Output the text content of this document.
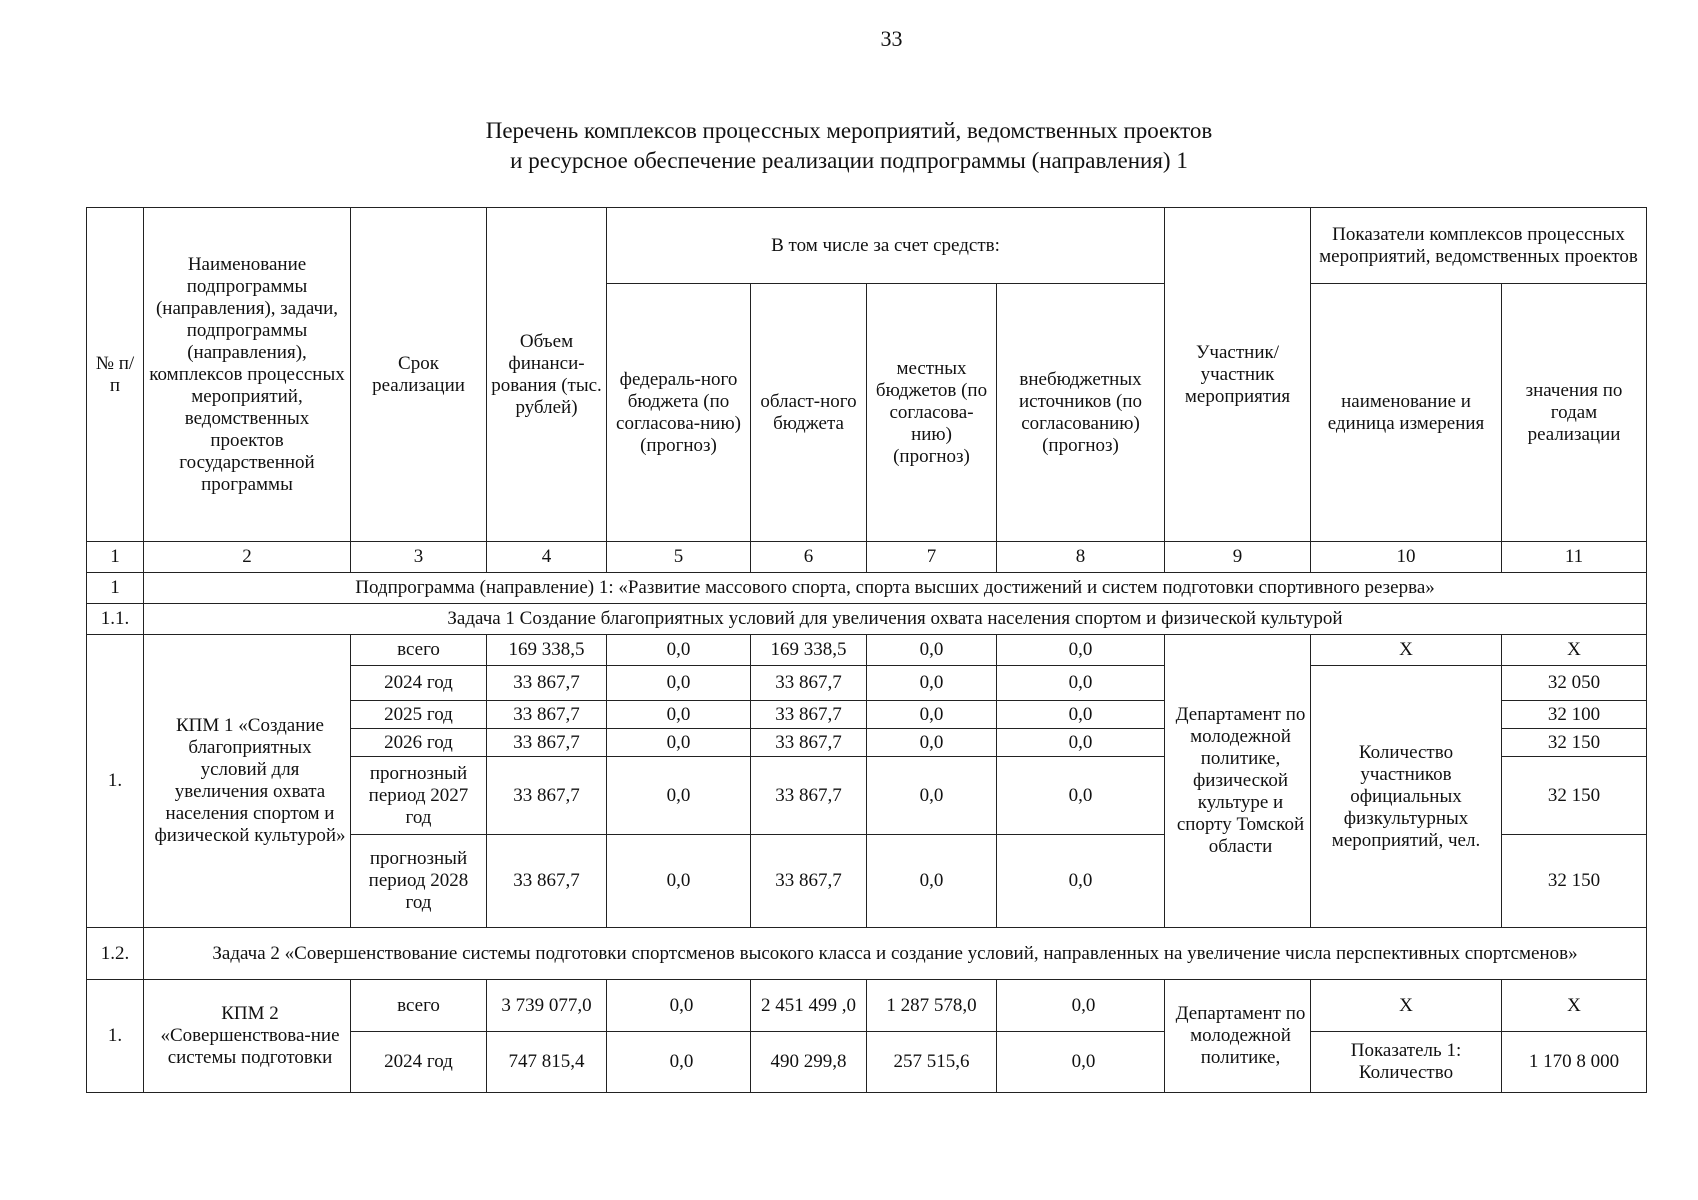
33
Перечень комплексов процессных мероприятий, ведомственных проектов
и ресурсное обеспечение реализации подпрограммы (направления) 1
№ п/п	Наименование подпрограммы (направления), задачи, подпрограммы (направления), комплексов процессных мероприятий, ведомственных проектов государственной программы	Срок реализации	Объем финанси-рования (тыс. рублей)	В том числе за счет средств:				Участник/ участник мероприятия	Показатели комплексов процессных мероприятий, ведомственных проектов	
				федераль-ного бюджета (по согласова-нию) (прогноз)	област-ного бюджета	местных бюджетов (по согласова-нию) (прогноз)	внебюджетных источников (по согласованию) (прогноз)		наименование и единица измерения	значения по годам реализации
1	2	3	4	5	6	7	8	9	10	11
1	Подпрограмма (направление) 1: «Развитие массового спорта, спорта высших достижений и систем подготовки спортивного резерва»									
1.1.	Задача 1 Создание благоприятных условий для увеличения охвата населения спортом и физической культурой									
1.	КПМ 1 «Создание благоприятных условий для увеличения охвата населения спортом и физической культурой»	всего	169 338,5	0,0	169 338,5	0,0	0,0	Департамент по молодежной политике, физической культуре и спорту Томской области	Х	Х
		2024 год	33 867,7	0,0	33 867,7	0,0	0,0		Количество участников официальных физкультурных мероприятий, чел.	32 050
		2025 год	33 867,7	0,0	33 867,7	0,0	0,0			32 100
		2026 год	33 867,7	0,0	33 867,7	0,0	0,0			32 150
		прогнозный период 2027 год	33 867,7	0,0	33 867,7	0,0	0,0			32 150
		прогнозный период 2028 год	33 867,7	0,0	33 867,7	0,0	0,0			32 150
1.2.	Задача 2 «Совершенствование системы подготовки спортсменов высокого класса и создание условий, направленных на увеличение числа перспективных спортсменов»									
1.	КПМ 2 «Совершенствова-ние системы подготовки	всего	3 739 077,0	0,0	2 451 499 ,0	1 287 578,0	0,0	Департамент по молодежной политике,	Х	Х
		2024 год	747 815,4	0,0	490 299,8	257 515,6	0,0		Показатель 1: Количество	1 170 8 000
